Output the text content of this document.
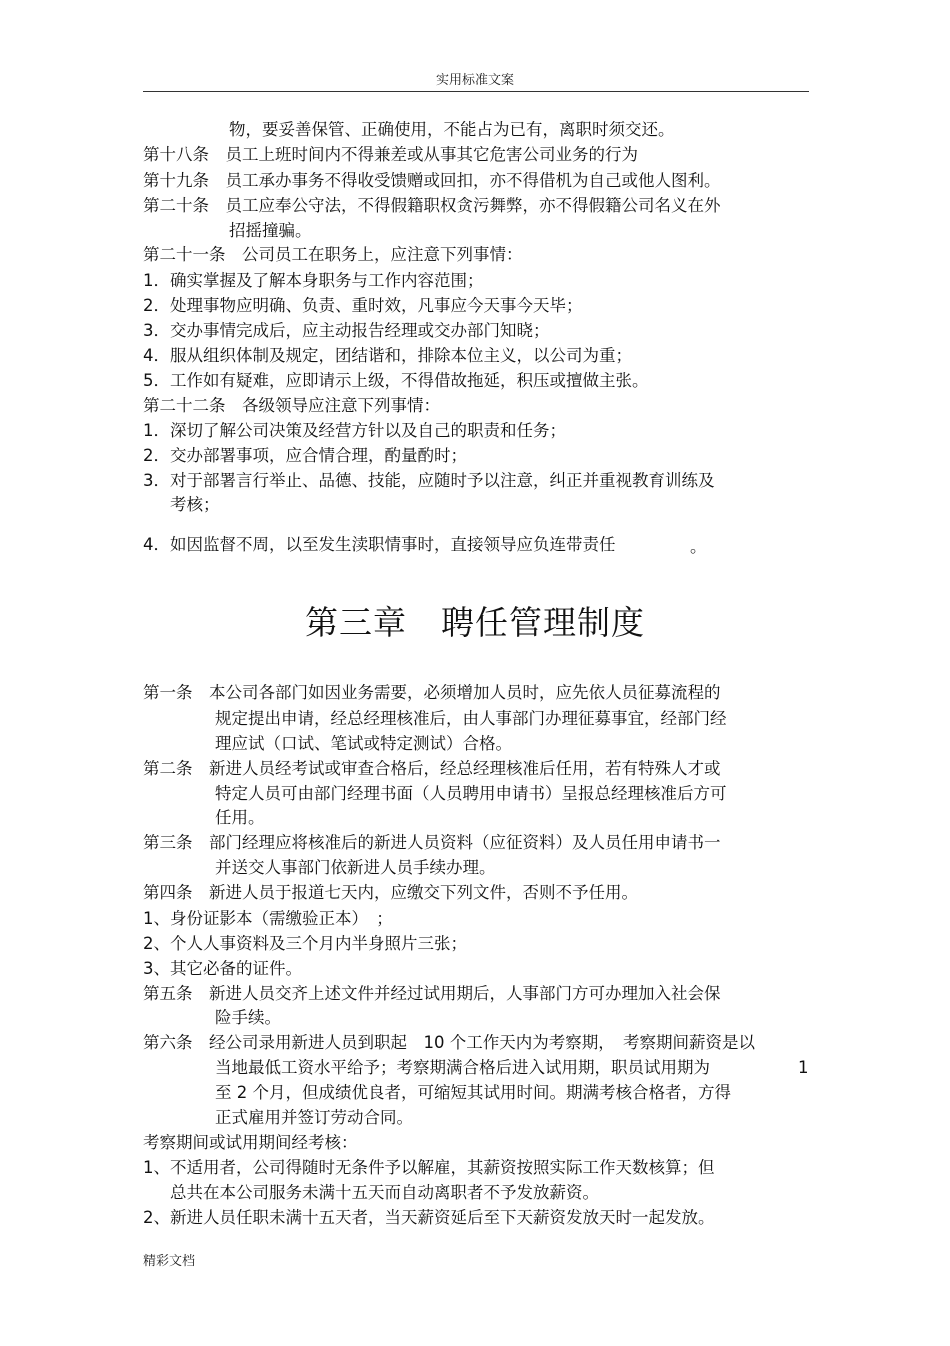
实用标准文案
物，要妥善保管、正确使用，不能占为已有，离职时须交还。
第十八条　员工上班时间内不得兼差或从事其它危害公司业务的行为
第十九条　员工承办事务不得收受馈赠或回扣，亦不得借机为自己或他人图利。
第二十条　员工应奉公守法，不得假籍职权贪污舞弊，亦不得假籍公司名义在外
招摇撞骗。
第二十一条　公司员工在职务上，应注意下列事情：
1．确实掌握及了解本身职务与工作内容范围；
2．处理事物应明确、负责、重时效，凡事应今天事今天毕；
3．交办事情完成后，应主动报告经理或交办部门知晓；
4．服从组织体制及规定，团结谐和，排除本位主义，以公司为重；
5．工作如有疑难，应即请示上级，不得借故拖延，积压或擅做主张。
第二十二条　各级领导应注意下列事情：
1．深切了解公司决策及经营方针以及自己的职责和任务；
2．交办部署事项，应合情合理，酌量酌时；
3．对于部署言行举止、品德、技能，应随时予以注意，纠正并重视教育训练及
考核；
4．如因监督不周，以至发生渎职情事时，直接领导应负连带责任	。
第三章　聘任管理制度
第一条　本公司各部门如因业务需要，必须增加人员时，应先依人员征募流程的
规定提出申请，经总经理核准后，由人事部门办理征募事宜，经部门经
理应试（口试、笔试或特定测试）合格。
第二条　新进人员经考试或审查合格后，经总经理核准后任用，若有特殊人才或
特定人员可由部门经理书面（人员聘用申请书）呈报总经理核准后方可
任用。
第三条　部门经理应将核准后的新进人员资料（应征资料）及人员任用申请书一
并送交人事部门依新进人员手续办理。
第四条　新进人员于报道七天内，应缴交下列文件，否则不予任用。
1、身份证影本（需缴验正本）　；
2、个人人事资料及三个月内半身照片三张；
3、其它必备的证件。
第五条　新进人员交齐上述文件并经过试用期后，人事部门方可办理加入社会保
险手续。
第六条　经公司录用新进人员到职起　10 个工作天内为考察期，　考察期间薪资是以
当地最低工资水平给予；考察期满合格后进入试用期，职员试用期为	1
至 2 个月，但成绩优良者，可缩短其试用时间。期满考核合格者，方得
正式雇用并签订劳动合同。
考察期间或试用期间经考核：
1、不适用者，公司得随时无条件予以解雇，其薪资按照实际工作天数核算；但
总共在本公司服务未满十五天而自动离职者不予发放薪资。
2、新进人员任职未满十五天者，当天薪资延后至下天薪资发放天时一起发放。
精彩文档
